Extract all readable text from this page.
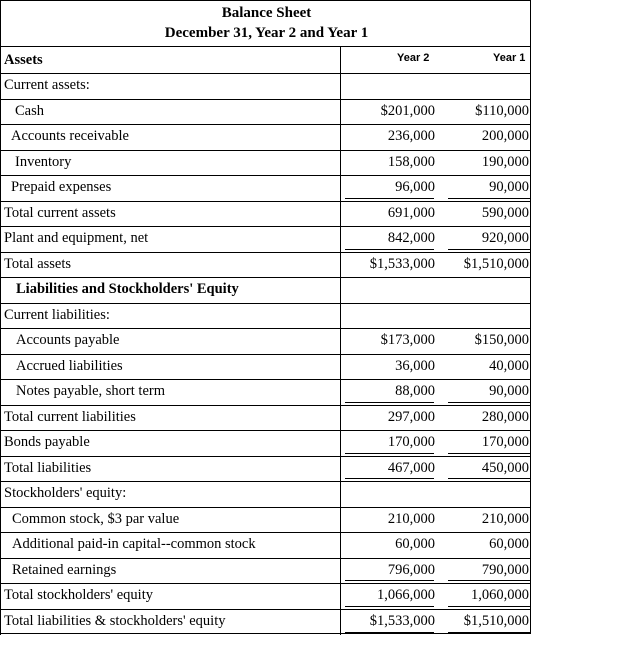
Balance Sheet
December 31, Year 2 and Year 1
Assets	Year 2	Year 1
Current assets:
Cash	$201,000	$110,000
Accounts receivable	236,000	200,000
Inventory	158,000	190,000
Prepaid expenses	96,000	90,000
Total current assets	691,000	590,000
Plant and equipment, net	842,000	920,000
Total assets	$1,533,000 $1,510,000
Liabilities and Stockholders' Equity
Current liabilities:
Accounts payable	$173,000	$150,000
Accrued liabilities	36,000	40,000
Notes payable, short term	88,000	90,000
Total current liabilities	297,000	280,000
Bonds payable	170,000	170,000
Total liabilities	467,000	450,000
Stockholders' equity:
Common stock, $3 par value	210,000	210,000
Additional paid-in capital--common stock	60,000	60,000
Retained earnings	796,000	790,000
Total stockholders' equity	1,066,000 1,060,000
Total liabilities & stockholders' equity	$1,533,000 $1,510,000
